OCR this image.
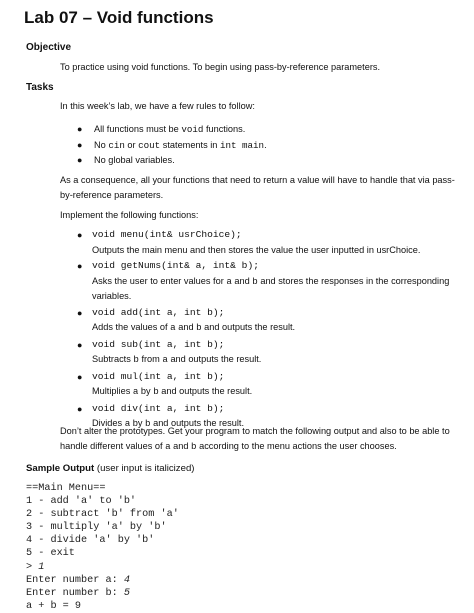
Lab 07 – Void functions
Objective
To practice using void functions. To begin using pass-by-reference parameters.
Tasks
In this week’s lab, we have a few rules to follow:
● All functions must be void functions.
● No cin or cout statements in int main.
● No global variables.
As a consequence, all your functions that need to return a value will have to handle that via pass-by-reference parameters.
Implement the following functions:
● void menu(int& usrChoice);
Outputs the main menu and then stores the value the user inputted in usrChoice.
● void getNums(int& a, int& b);
Asks the user to enter values for a and b and stores the responses in the corresponding variables.
● void add(int a, int b);
Adds the values of a and b and outputs the result.
● void sub(int a, int b);
Subtracts b from a and outputs the result.
● void mul(int a, int b);
Multiplies a by b and outputs the result.
● void div(int a, int b);
Divides a by b and outputs the result.
Don’t alter the prototypes. Get your program to match the following output and also to be able to handle different values of a and b according to the menu actions the user chooses.
Sample Output (user input is italicized)
==Main Menu==
1 - add 'a' to 'b'
2 - subtract 'b' from 'a'
3 - multiply 'a' by 'b'
4 - divide 'a' by 'b'
5 - exit
> 1
Enter number a: 4
Enter number b: 5
a + b = 9
